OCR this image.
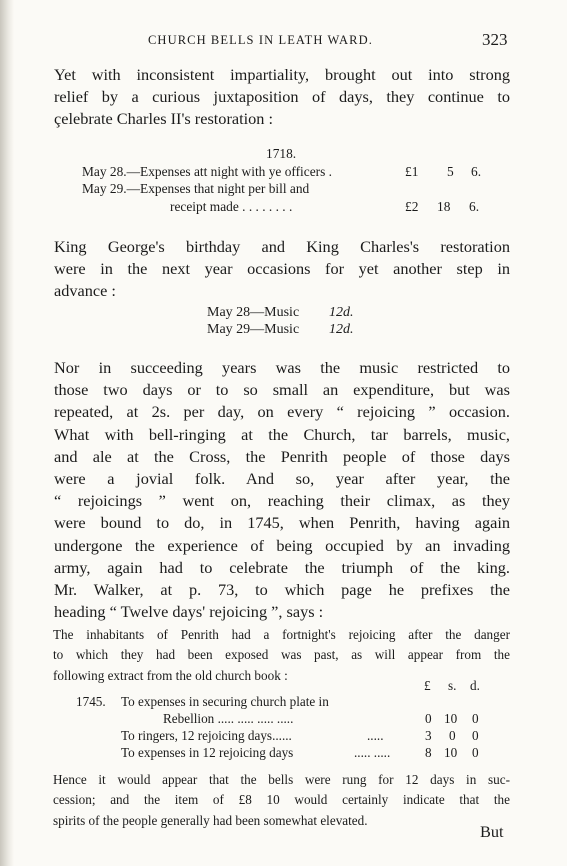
CHURCH BELLS IN LEATH WARD.	323

Yet with inconsistent impartiality, brought out into strong
relief by a curious juxtaposition of days, they continue to
çelebrate Charles II's restoration :

1718.
May 28.—Expenses att night with ye officers .	£1 5 6.
May 29.—Expenses that night per bill and
receipt made . . . . . . . .	£2 18 6.

King George's birthday and King Charles's restoration
were in the next year occasions for yet another step in
advance :

May 28—Music 12d.
May 29—Music 12d.

Nor in succeeding years was the music restricted to
those two days or to so small an expenditure, but was
repeated, at 2s. per day, on every “ rejoicing ” occasion.
What with bell-ringing at the Church, tar barrels, music,
and ale at the Cross, the Penrith people of those days
were a jovial folk. And so, year after year, the
“ rejoicings ” went on, reaching their climax, as they
were bound to do, in 1745, when Penrith, having again
undergone the experience of being occupied by an invading
army, again had to celebrate the triumph of the king.
Mr. Walker, at p. 73, to which page he prefixes the
heading “ Twelve days' rejoicing ”, says :

The inhabitants of Penrith had a fortnight's rejoicing after the danger
to which they had been exposed was past, as will appear from the
following extract from the old church book :

£ s. d.
1745. To expenses in securing church plate in
Rebellion ..... ..... ..... .....	0 10 0
To ringers, 12 rejoicing days......	.....	3 0 0
To expenses in 12 rejoicing days	..... .....	8 10 0

Hence it would appear that the bells were rung for 12 days in suc-
cession; and the item of £8 10 would certainly indicate that the
spirits of the people generally had been somewhat elevated.

But
